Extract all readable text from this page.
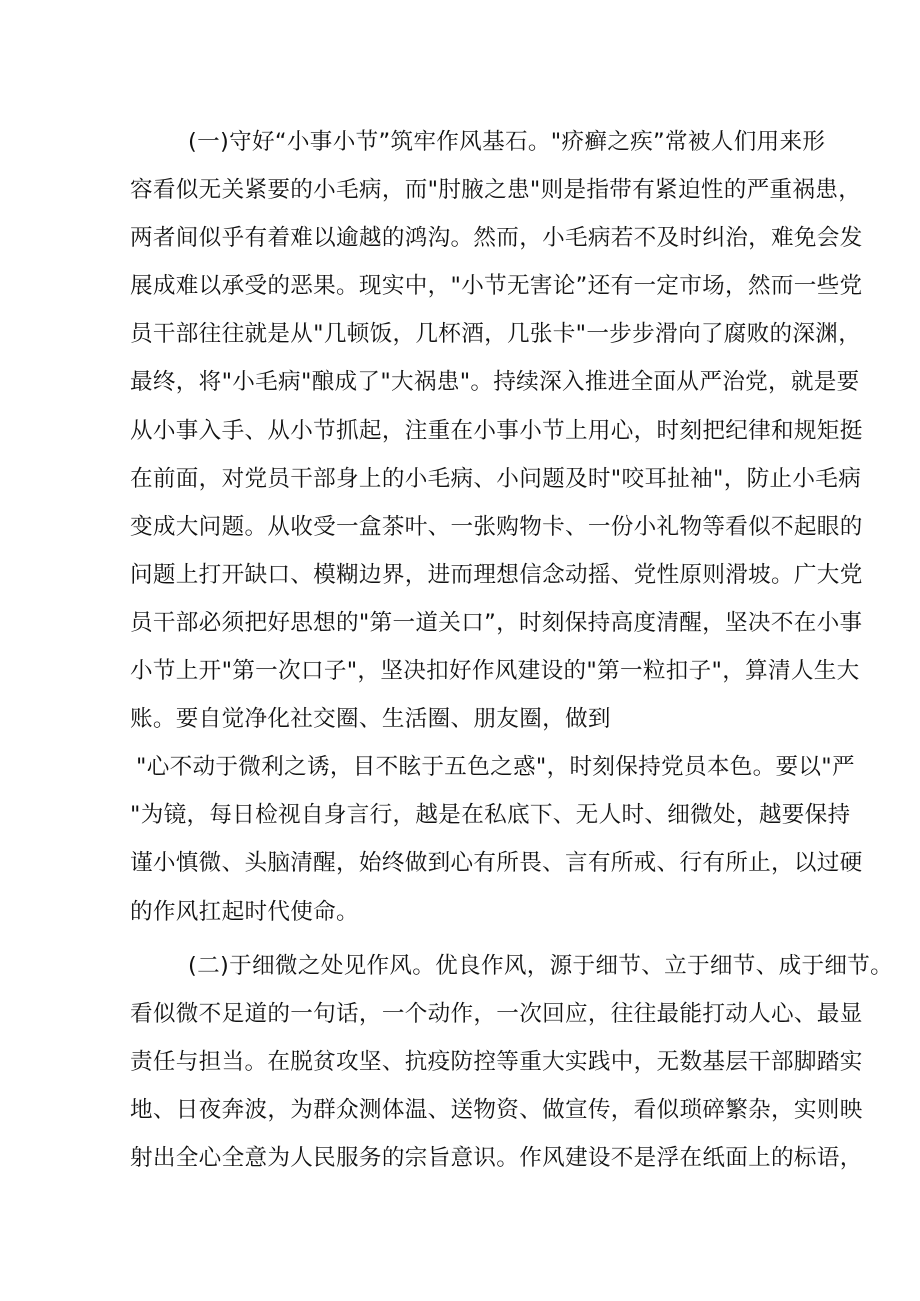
(一)守好“小事小节”筑牢作风基石。"疥癣之疾”常被人们用来形
容看似无关紧要的小毛病，而"肘腋之患"则是指带有紧迫性的严重祸患，
两者间似乎有着难以逾越的鸿沟。然而，小毛病若不及时纠治，难免会发
展成难以承受的恶果。现实中，"小节无害论”还有一定市场，然而一些党
员干部往往就是从"几顿饭，几杯酒，几张卡"一步步滑向了腐败的深渊，
最终，将"小毛病"酿成了"大祸患"。持续深入推进全面从严治党，就是要
从小事入手、从小节抓起，注重在小事小节上用心，时刻把纪律和规矩挺
在前面，对党员干部身上的小毛病、小问题及时"咬耳扯袖"，防止小毛病
变成大问题。从收受一盒茶叶、一张购物卡、一份小礼物等看似不起眼的
问题上打开缺口、模糊边界，进而理想信念动摇、党性原则滑坡。广大党
员干部必须把好思想的"第一道关口”，时刻保持高度清醒，坚决不在小事
小节上开"第一次口子"，坚决扣好作风建设的"第一粒扣子"，算清人生大
账。要自觉净化社交圈、生活圈、朋友圈，做到
"心不动于微利之诱，目不眩于五色之惑"，时刻保持党员本色。要以"严
"为镜，每日检视自身言行，越是在私底下、无人时、细微处，越要保持
谨小慎微、头脑清醒，始终做到心有所畏、言有所戒、行有所止，以过硬
的作风扛起时代使命。
(二)于细微之处见作风。优良作风，源于细节、立于细节、成于细节。
看似微不足道的一句话，一个动作，一次回应，往往最能打动人心、最显
责任与担当。在脱贫攻坚、抗疫防控等重大实践中，无数基层干部脚踏实
地、日夜奔波，为群众测体温、送物资、做宣传，看似琐碎繁杂，实则映
射出全心全意为人民服务的宗旨意识。作风建设不是浮在纸面上的标语，
